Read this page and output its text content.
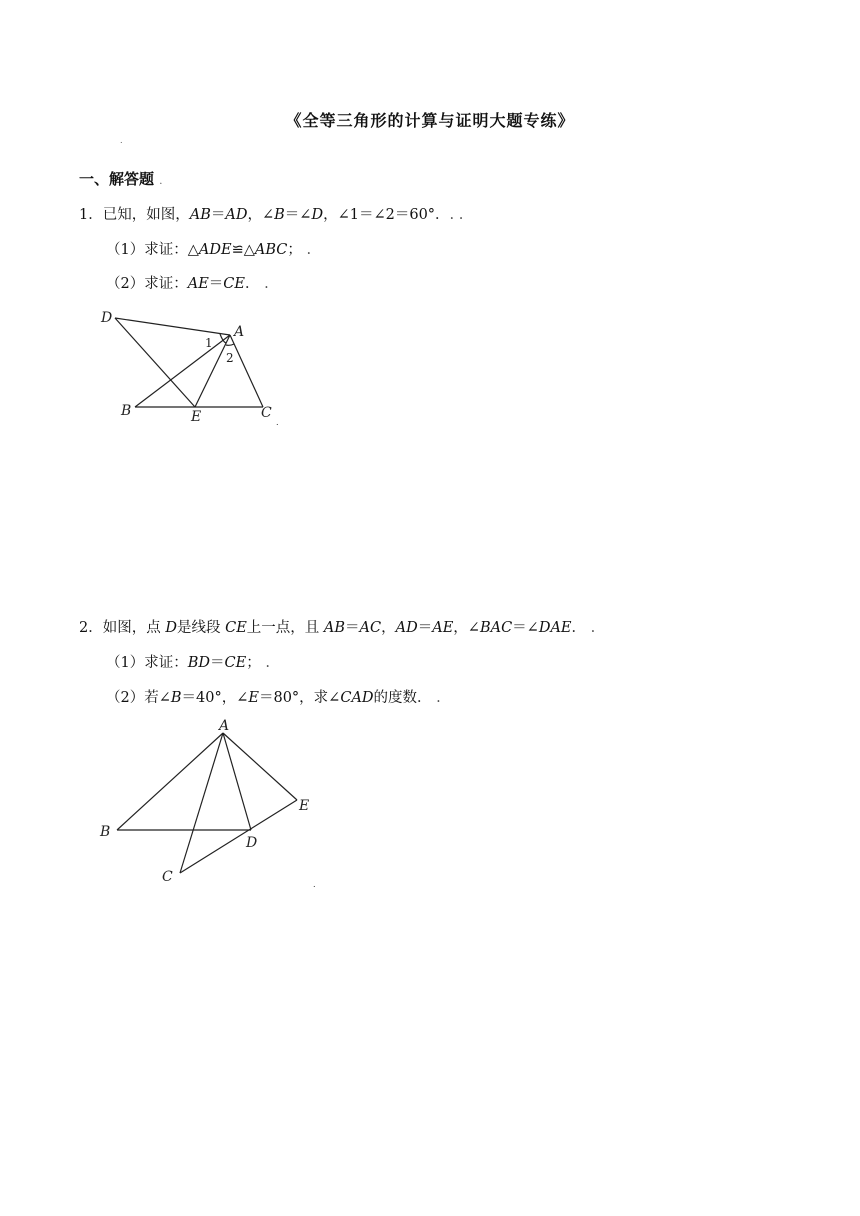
《全等三角形的计算与证明大题专练》
.
一、解答题 .
1．已知，如图，AB＝AD，∠B＝∠D，∠1＝∠2＝60°．. .
（1）求证：△ADE≌△ABC； .
（2）求证：AE＝CE． .
D
A
1
2
B	E	C
.
2．如图，点 D是线段 CE上一点，且 AB＝AC，AD＝AE，∠BAC＝∠DAE． .
（1）求证：BD＝CE； .
（2）若∠B＝40°，∠E＝80°，求∠CAD的度数． .
A
B
C
D
E
.
